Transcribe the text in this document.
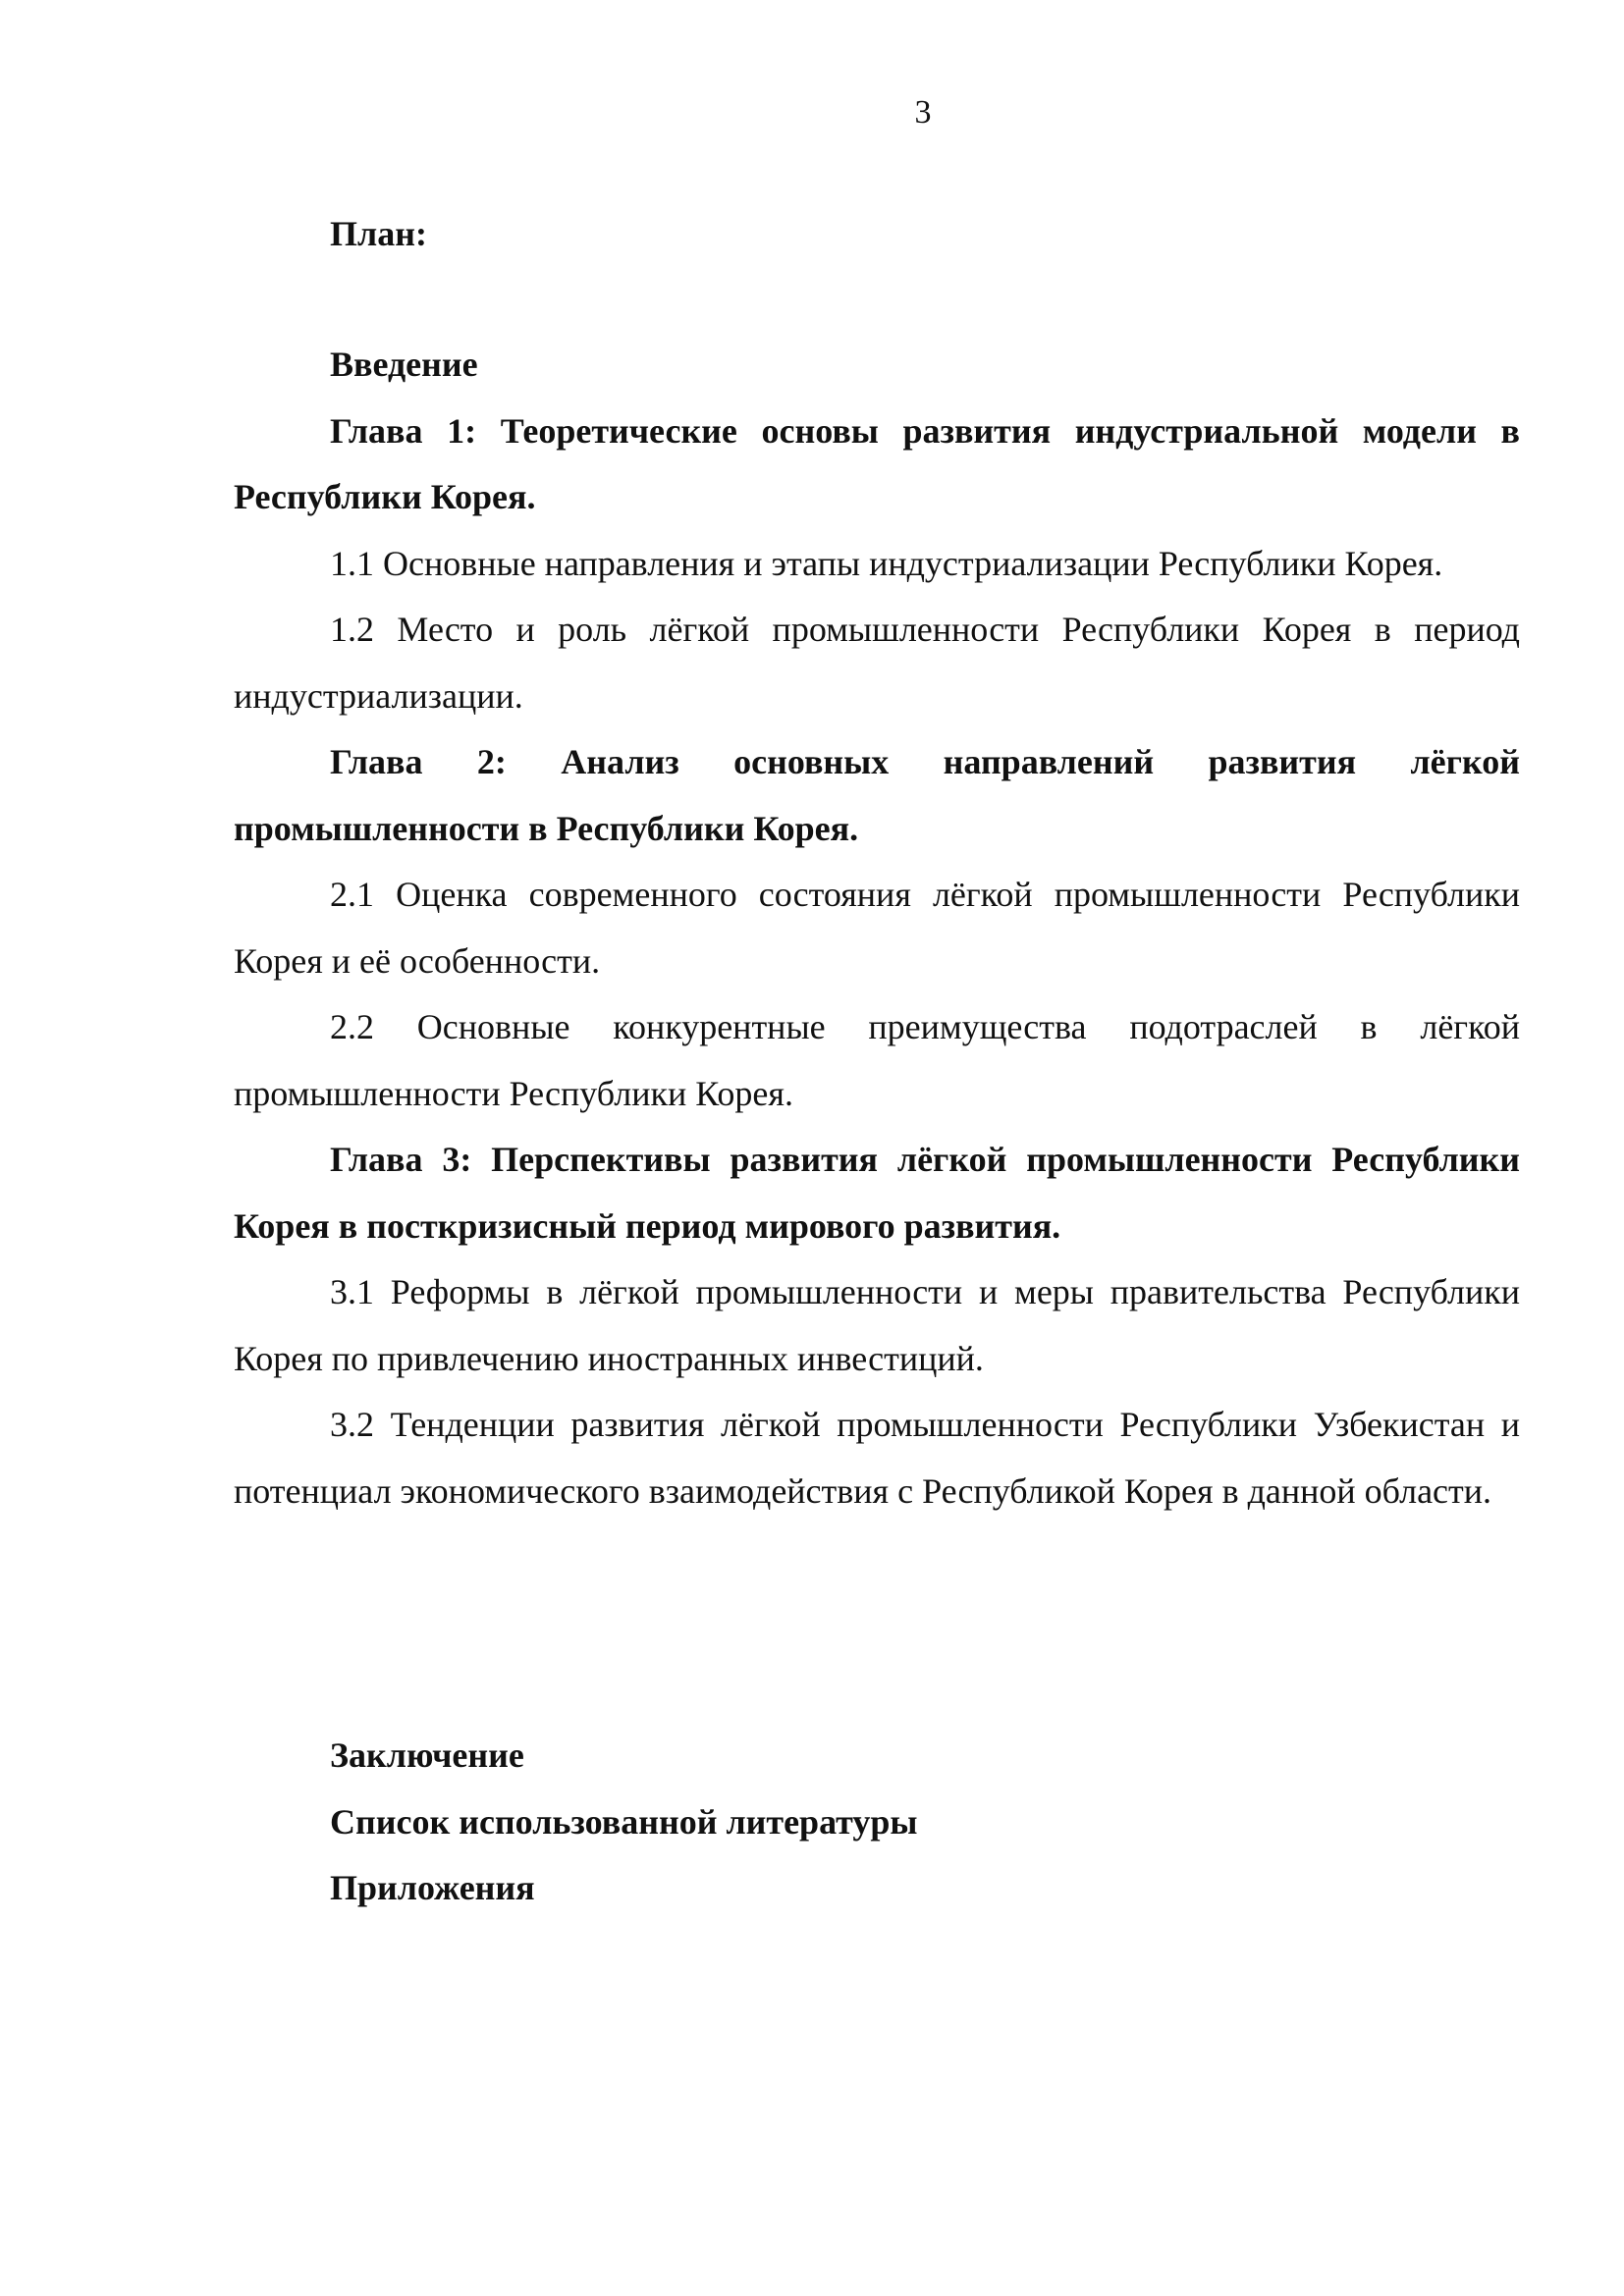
3
План:

Введение

Глава 1: Теоретические основы развития индустриальной модели в Республики Корея.

1.1 Основные направления и этапы индустриализации Республики Корея.

1.2 Место и роль лёгкой промышленности Республики Корея в период индустриализации.

Глава 2: Анализ основных направлений развития лёгкой промышленности в Республики Корея.

2.1 Оценка современного состояния лёгкой промышленности Республики Корея и её особенности.

2.2 Основные конкурентные преимущества подотраслей в лёгкой промышленности Республики Корея.

Глава 3: Перспективы развития лёгкой промышленности Республики Корея в посткризисный период мирового развития.

3.1 Реформы в лёгкой промышленности и меры правительства Республики Корея по привлечению иностранных инвестиций.

3.2 Тенденции развития лёгкой промышленности Республики Узбекистан и потенциал экономического взаимодействия с Республикой Корея в данной области.

Заключение
Список использованной литературы
Приложения
